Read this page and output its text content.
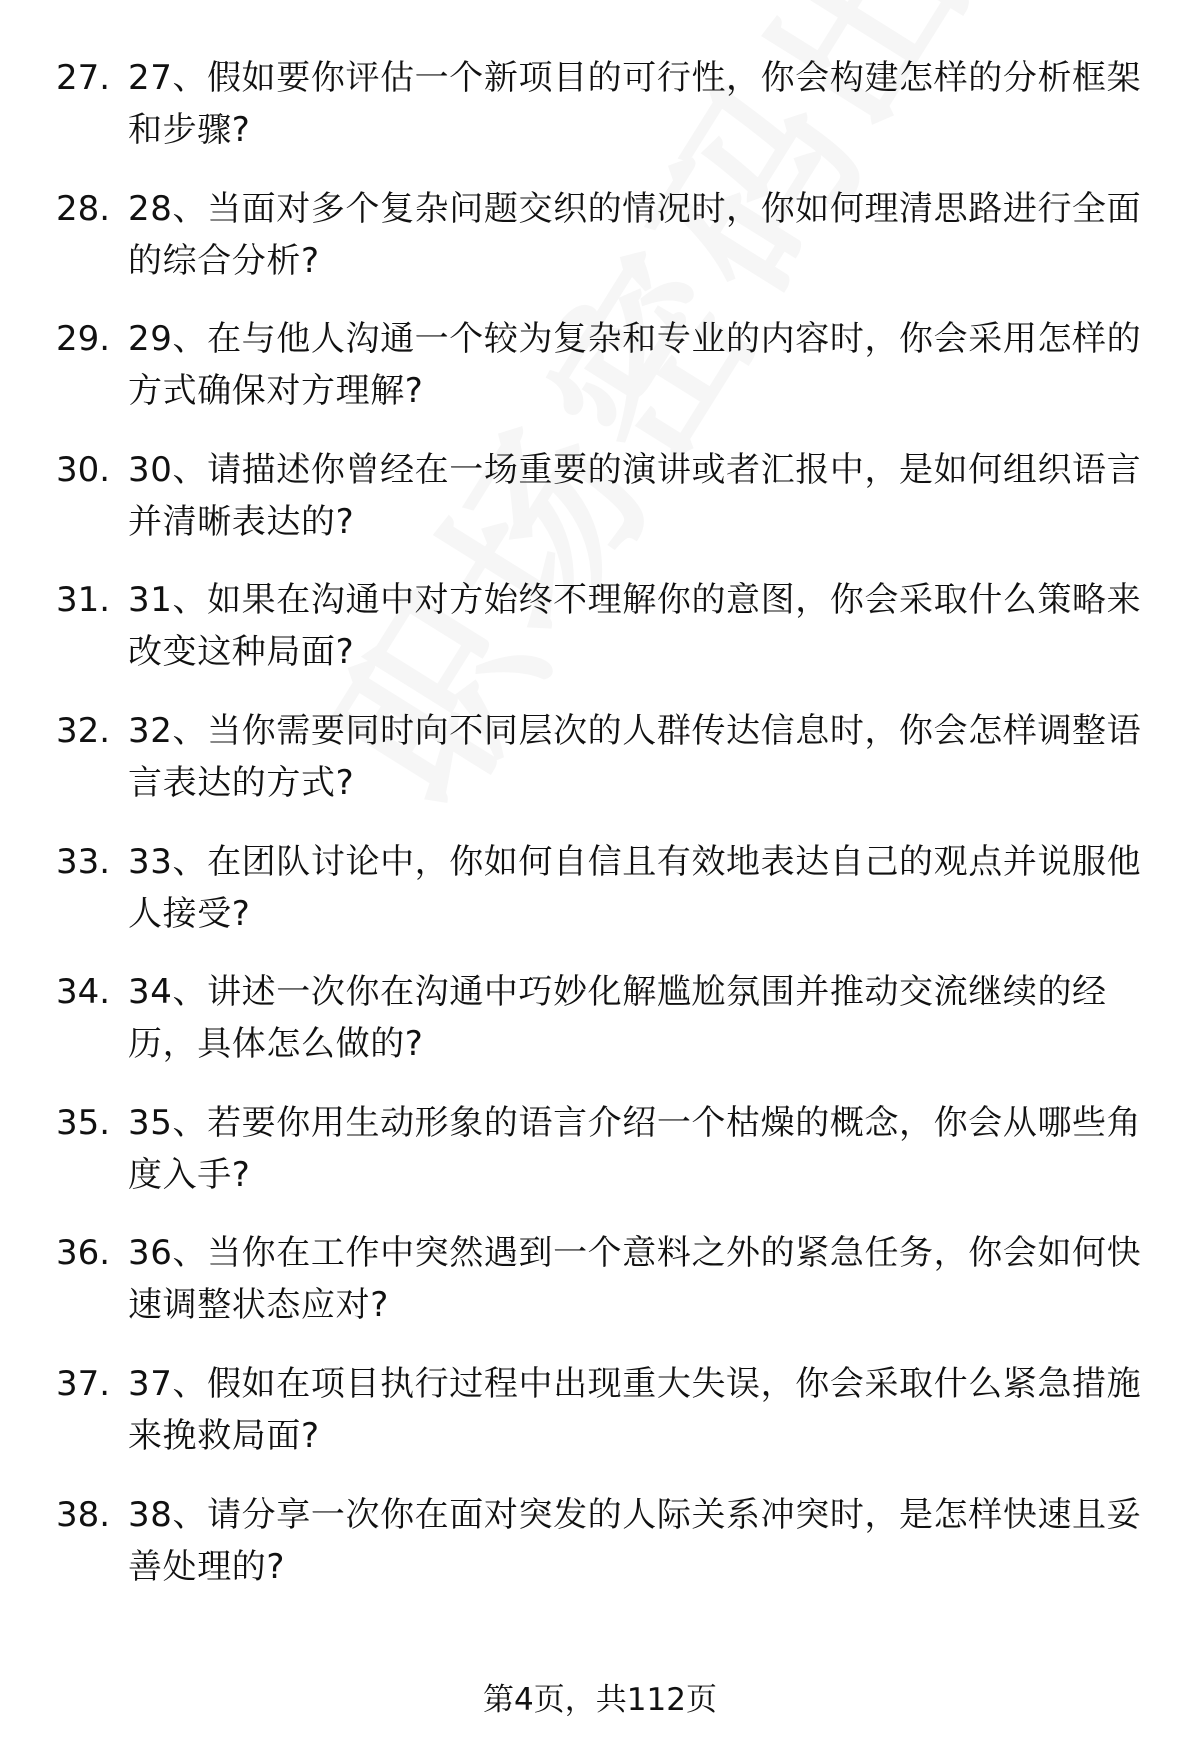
27. 27、假如要你评估一个新项目的可行性，你会构建怎样的分析框架和步骤?
28. 28、当面对多个复杂问题交织的情况时，你如何理清思路进行全面的综合分析?
29. 29、在与他人沟通一个较为复杂和专业的内容时，你会采用怎样的方式确保对方理解?
30. 30、请描述你曾经在一场重要的演讲或者汇报中，是如何组织语言并清晰表达的?
31. 31、如果在沟通中对方始终不理解你的意图，你会采取什么策略来改变这种局面?
32. 32、当你需要同时向不同层次的人群传达信息时，你会怎样调整语言表达的方式?
33. 33、在团队讨论中，你如何自信且有效地表达自己的观点并说服他人接受?
34. 34、讲述一次你在沟通中巧妙化解尴尬氛围并推动交流继续的经历，具体怎么做的?
35. 35、若要你用生动形象的语言介绍一个枯燥的概念，你会从哪些角度入手?
36. 36、当你在工作中突然遇到一个意料之外的紧急任务，你会如何快速调整状态应对?
37. 37、假如在项目执行过程中出现重大失误，你会采取什么紧急措施来挽救局面?
38. 38、请分享一次你在面对突发的人际关系冲突时，是怎样快速且妥善处理的?
第4页，共112页
